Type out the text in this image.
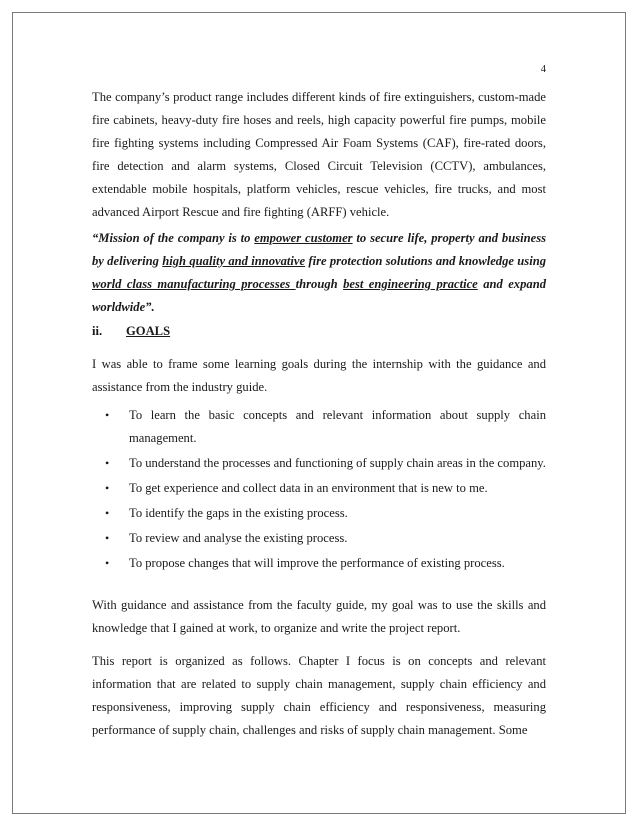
4

The company’s product range includes different kinds of fire extinguishers, custom-made fire cabinets, heavy-duty fire hoses and reels, high capacity powerful fire pumps, mobile fire fighting systems including Compressed Air Foam Systems (CAF), fire-rated doors, fire detection and alarm systems, Closed Circuit Television (CCTV), ambulances, extendable mobile hospitals, platform vehicles, rescue vehicles, fire trucks, and most advanced Airport Rescue and fire fighting (ARFF) vehicle.

“Mission of the company is to empower customer to secure life, property and business by delivering high quality and innovative fire protection solutions and knowledge using world class manufacturing processes through best engineering practice and expand worldwide”.

ii. GOALS

I was able to frame some learning goals during the internship with the guidance and assistance from the industry guide.

• To learn the basic concepts and relevant information about supply chain management.
• To understand the processes and functioning of supply chain areas in the company.
• To get experience and collect data in an environment that is new to me.
• To identify the gaps in the existing process.
• To review and analyse the existing process.
• To propose changes that will improve the performance of existing process.

With guidance and assistance from the faculty guide, my goal was to use the skills and knowledge that I gained at work, to organize and write the project report.

This report is organized as follows. Chapter I focus is on concepts and relevant information that are related to supply chain management, supply chain efficiency and responsiveness, improving supply chain efficiency and responsiveness, measuring performance of supply chain, challenges and risks of supply chain management. Some
